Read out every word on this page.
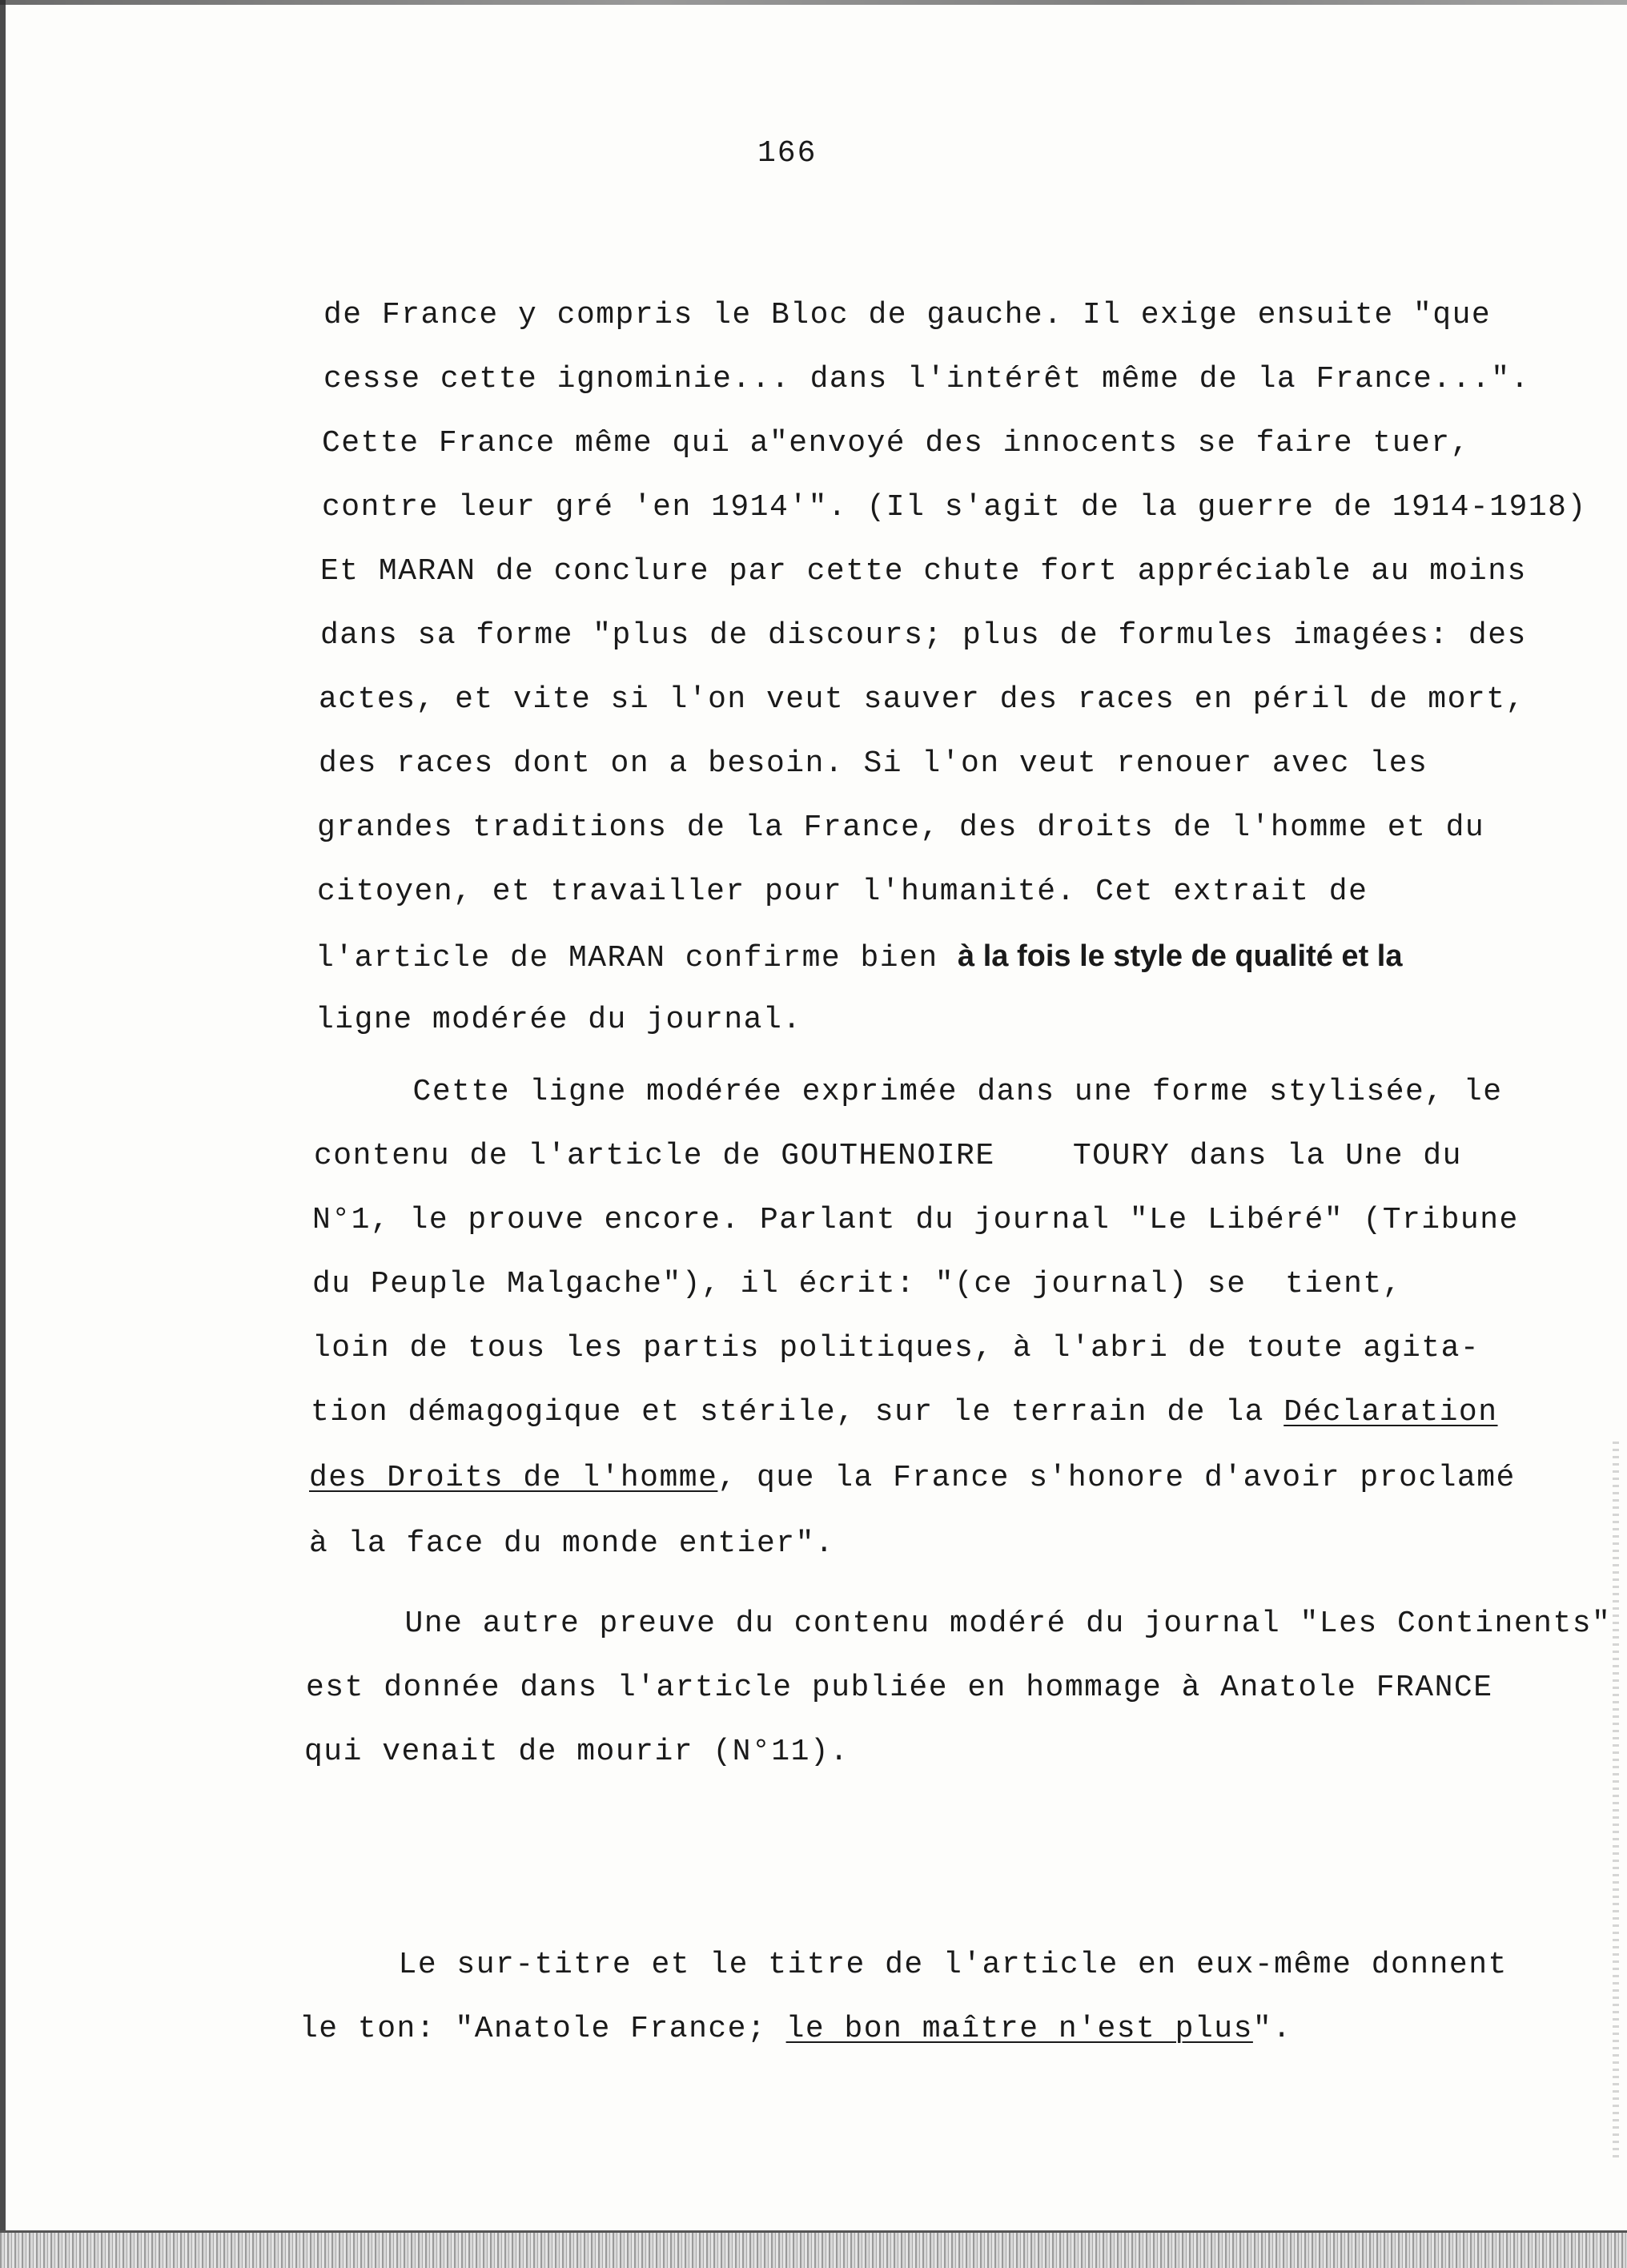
166
de France y compris le Bloc de gauche. Il exige ensuite "que
cesse cette ignominie... dans l'intérêt même de la France...".
Cette France même qui a"envoyé des innocents se faire tuer,
contre leur gré 'en 1914'". (Il s'agit de la guerre de 1914-1918)
Et MARAN de conclure par cette chute fort appréciable au moins
dans sa forme "plus de discours; plus de formules imagées: des
actes, et vite si l'on veut sauver des races en péril de mort,
des races dont on a besoin. Si l'on veut renouer avec les
grandes traditions de la France, des droits de l'homme et du
citoyen, et travailler pour l'humanité. Cet extrait de
l'article de MARAN confirme bien à la fois le style de qualité et la
ligne modérée du journal.
Cette ligne modérée exprimée dans une forme stylisée, le
contenu de l'article de GOUTHENOIRE    TOURY dans la Une du
N°1, le prouve encore. Parlant du journal "Le Libéré" (Tribune
du Peuple Malgache"), il écrit: "(ce journal) se  tient,
loin de tous les partis politiques, à l'abri de toute agita-
tion démagogique et stérile, sur le terrain de la Déclaration
des Droits de l'homme, que la France s'honore d'avoir proclamé
à la face du monde entier".
Une autre preuve du contenu modéré du journal "Les Continents"
est donnée dans l'article publiée en hommage à Anatole FRANCE
qui venait de mourir (N°11).
Le sur-titre et le titre de l'article en eux-même donnent
le ton: "Anatole France; le bon maître n'est plus".
